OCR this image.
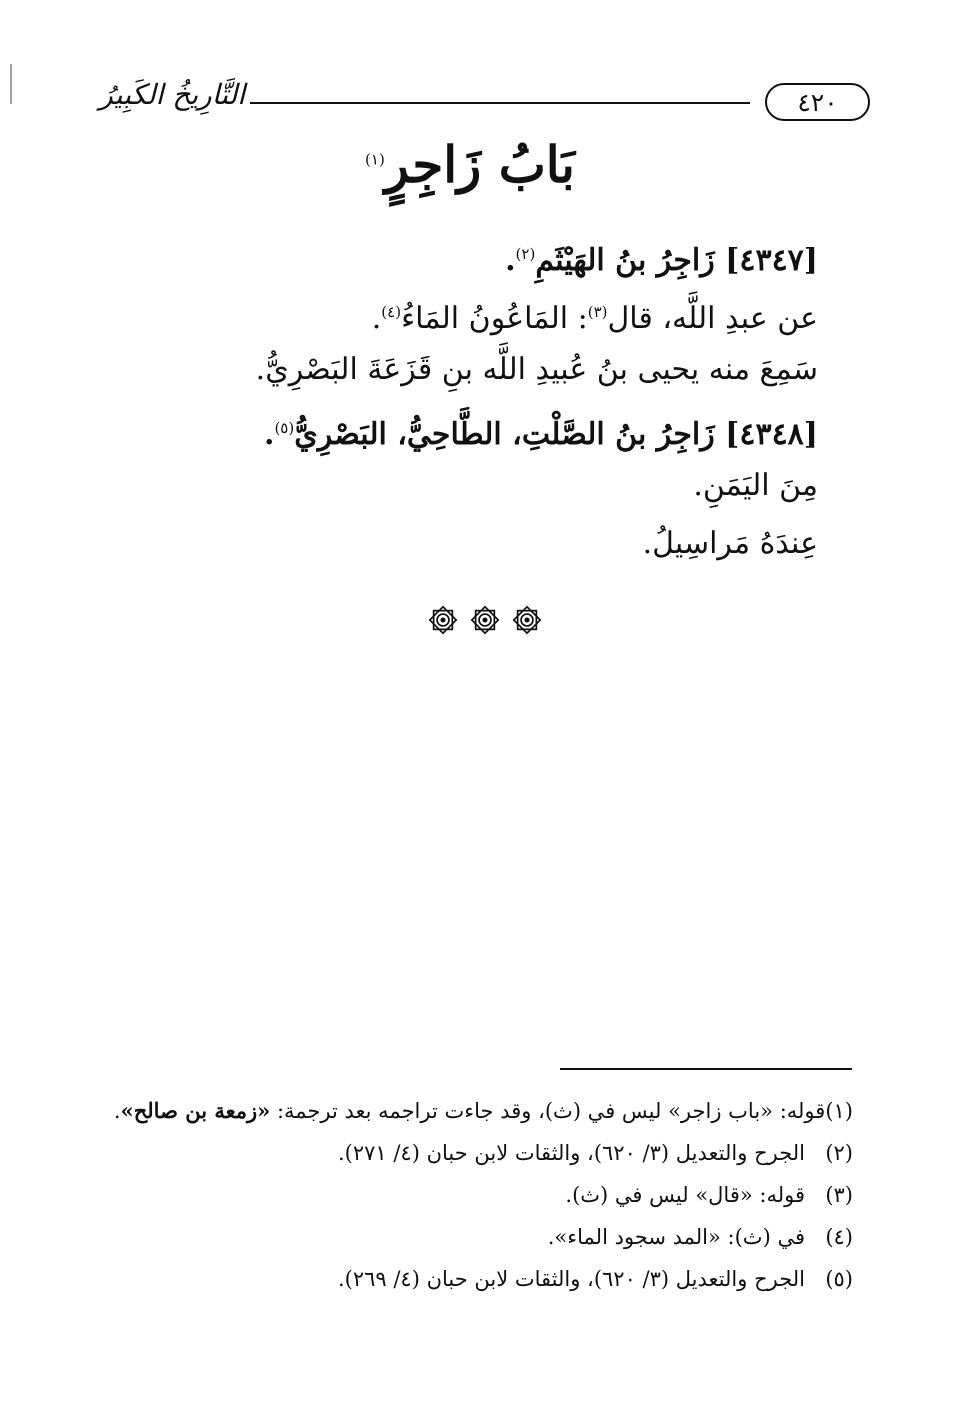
التَّارِيخُ الكَبِيرُ	٤٢٠
بَابُ زَاجِرٍ$^{(١)}$
[٤٣٤٧] زَاجِرُ بنُ الهَيْثَمِ$^{(٢)}$.
عن عبدِ اللَّه، قال$^{(٣)}$: المَاعُونُ المَاءُ$^{(٤)}$.
سَمِعَ منه يحيى بنُ عُبيدِ اللَّه بنِ قَزَعَةَ البَصْرِيُّ.
[٤٣٤٨] زَاجِرُ بنُ الصَّلْتِ، الطَّاحِيُّ، البَصْرِيُّ$^{(٥)}$.
مِنَ اليَمَنِ.
عِندَهُ مَراسِيلُ.
(١)
قوله: «باب زاجر» ليس في (ث)، وقد جاءت تراجمه بعد ترجمة: «زمعة بن صالح».
(٢)
الجرح والتعديل (٣/ ٦٢٠)، والثقات لابن حبان (٤/ ٢٧١).
(٣)
قوله: «قال» ليس في (ث).
(٤)
في (ث): «المد سجود الماء».
(٥)
الجرح والتعديل (٣/ ٦٢٠)، والثقات لابن حبان (٤/ ٢٦٩).
